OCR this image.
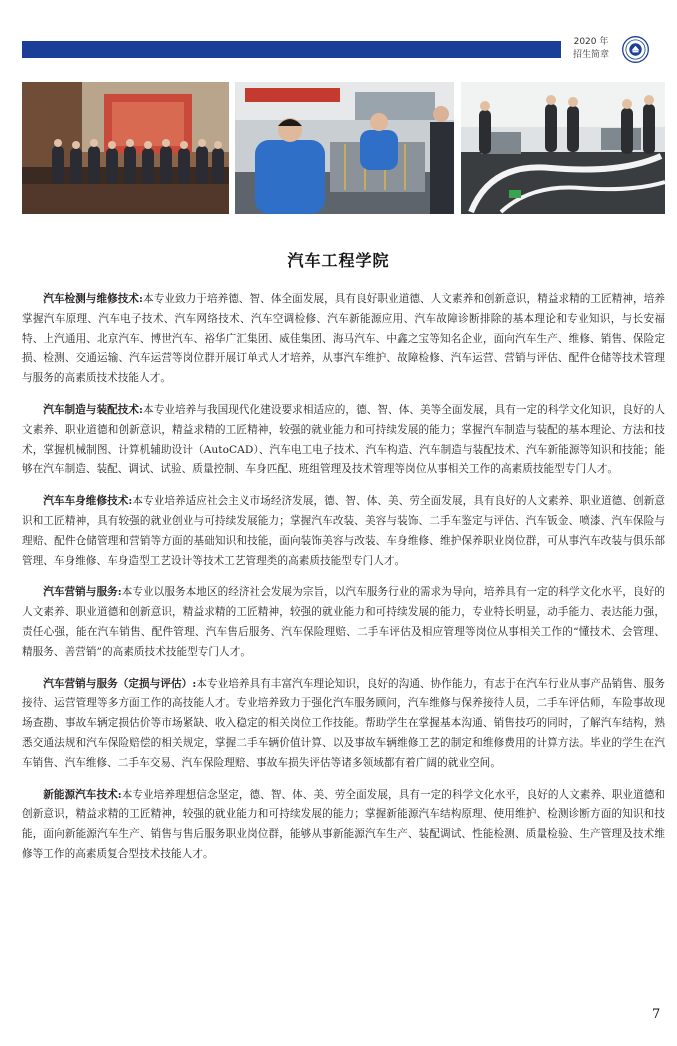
2020 年
招生简章
汽车工程学院

汽车检测与维修技术:本专业致力于培养德、智、体全面发展，具有良好职业道德、人文素养和创新意识，精益求精的工匠精神，培养掌握汽车原理、汽车电子技术、汽车网络技术、汽车空调检修、汽车新能源应用、汽车故障诊断排除的基本理论和专业知识，与长安福特、上汽通用、北京汽车、博世汽车、裕华广汇集团、威佳集团、海马汽车、中鑫之宝等知名企业，面向汽车生产、维修、销售、保险定损、检测、交通运输、汽车运营等岗位群开展订单式人才培养，从事汽车维护、故障检修、汽车运营、营销与评估、配件仓储等技术管理与服务的高素质技术技能人才。

汽车制造与装配技术:本专业培养与我国现代化建设要求相适应的，德、智、体、美等全面发展，具有一定的科学文化知识，良好的人文素养、职业道德和创新意识，精益求精的工匠精神，较强的就业能力和可持续发展的能力；掌握汽车制造与装配的基本理论、方法和技术，掌握机械制图、计算机辅助设计（AutoCAD）、汽车电工电子技术、汽车构造、汽车制造与装配技术、汽车新能源等知识和技能；能够在汽车制造、装配、调试、试验、质量控制、车身匹配、班组管理及技术管理等岗位从事相关工作的高素质技能型专门人才。

汽车车身维修技术:本专业培养适应社会主义市场经济发展，德、智、体、美、劳全面发展，具有良好的人文素养、职业道德、创新意识和工匠精神，具有较强的就业创业与可持续发展能力；掌握汽车改装、美容与装饰、二手车鉴定与评估、汽车钣金、喷漆、汽车保险与理赔、配件仓储管理和营销等方面的基础知识和技能，面向装饰美容与改装、车身维修、维护保养职业岗位群，可从事汽车改装与俱乐部管理、车身维修、车身造型工艺设计等技术工艺管理类的高素质技能型专门人才。

汽车营销与服务:本专业以服务本地区的经济社会发展为宗旨，以汽车服务行业的需求为导向，培养具有一定的科学文化水平，良好的人文素养、职业道德和创新意识，精益求精的工匠精神，较强的就业能力和可持续发展的能力，专业特长明显，动手能力、表达能力强，责任心强，能在汽车销售、配件管理、汽车售后服务、汽车保险理赔、二手车评估及相应管理等岗位从事相关工作的“懂技术、会管理、精服务、善营销”的高素质技术技能型专门人才。

汽车营销与服务（定损与评估）:本专业培养具有丰富汽车理论知识，良好的沟通、协作能力，有志于在汽车行业从事产品销售、服务接待、运营管理等多方面工作的高技能人才。专业培养致力于强化汽车服务顾问，汽车维修与保养接待人员，二手车评估师，车险事故现场查勘、事故车辆定损估价等市场紧缺、收入稳定的相关岗位工作技能。帮助学生在掌握基本沟通、销售技巧的同时，了解汽车结构，熟悉交通法规和汽车保险赔偿的相关规定，掌握二手车辆价值计算、以及事故车辆维修工艺的制定和维修费用的计算方法。毕业的学生在汽车销售、汽车维修、二手车交易、汽车保险理赔、事故车损失评估等诸多领域都有着广阔的就业空间。

新能源汽车技术:本专业培养理想信念坚定，德、智、体、美、劳全面发展，具有一定的科学文化水平，良好的人文素养、职业道德和创新意识，精益求精的工匠精神，较强的就业能力和可持续发展的能力；掌握新能源汽车结构原理、使用维护、检测诊断方面的知识和技能，面向新能源汽车生产、销售与售后服务职业岗位群，能够从事新能源汽车生产、装配调试、性能检测、质量检验、生产管理及技术维修等工作的高素质复合型技术技能人才。

7
